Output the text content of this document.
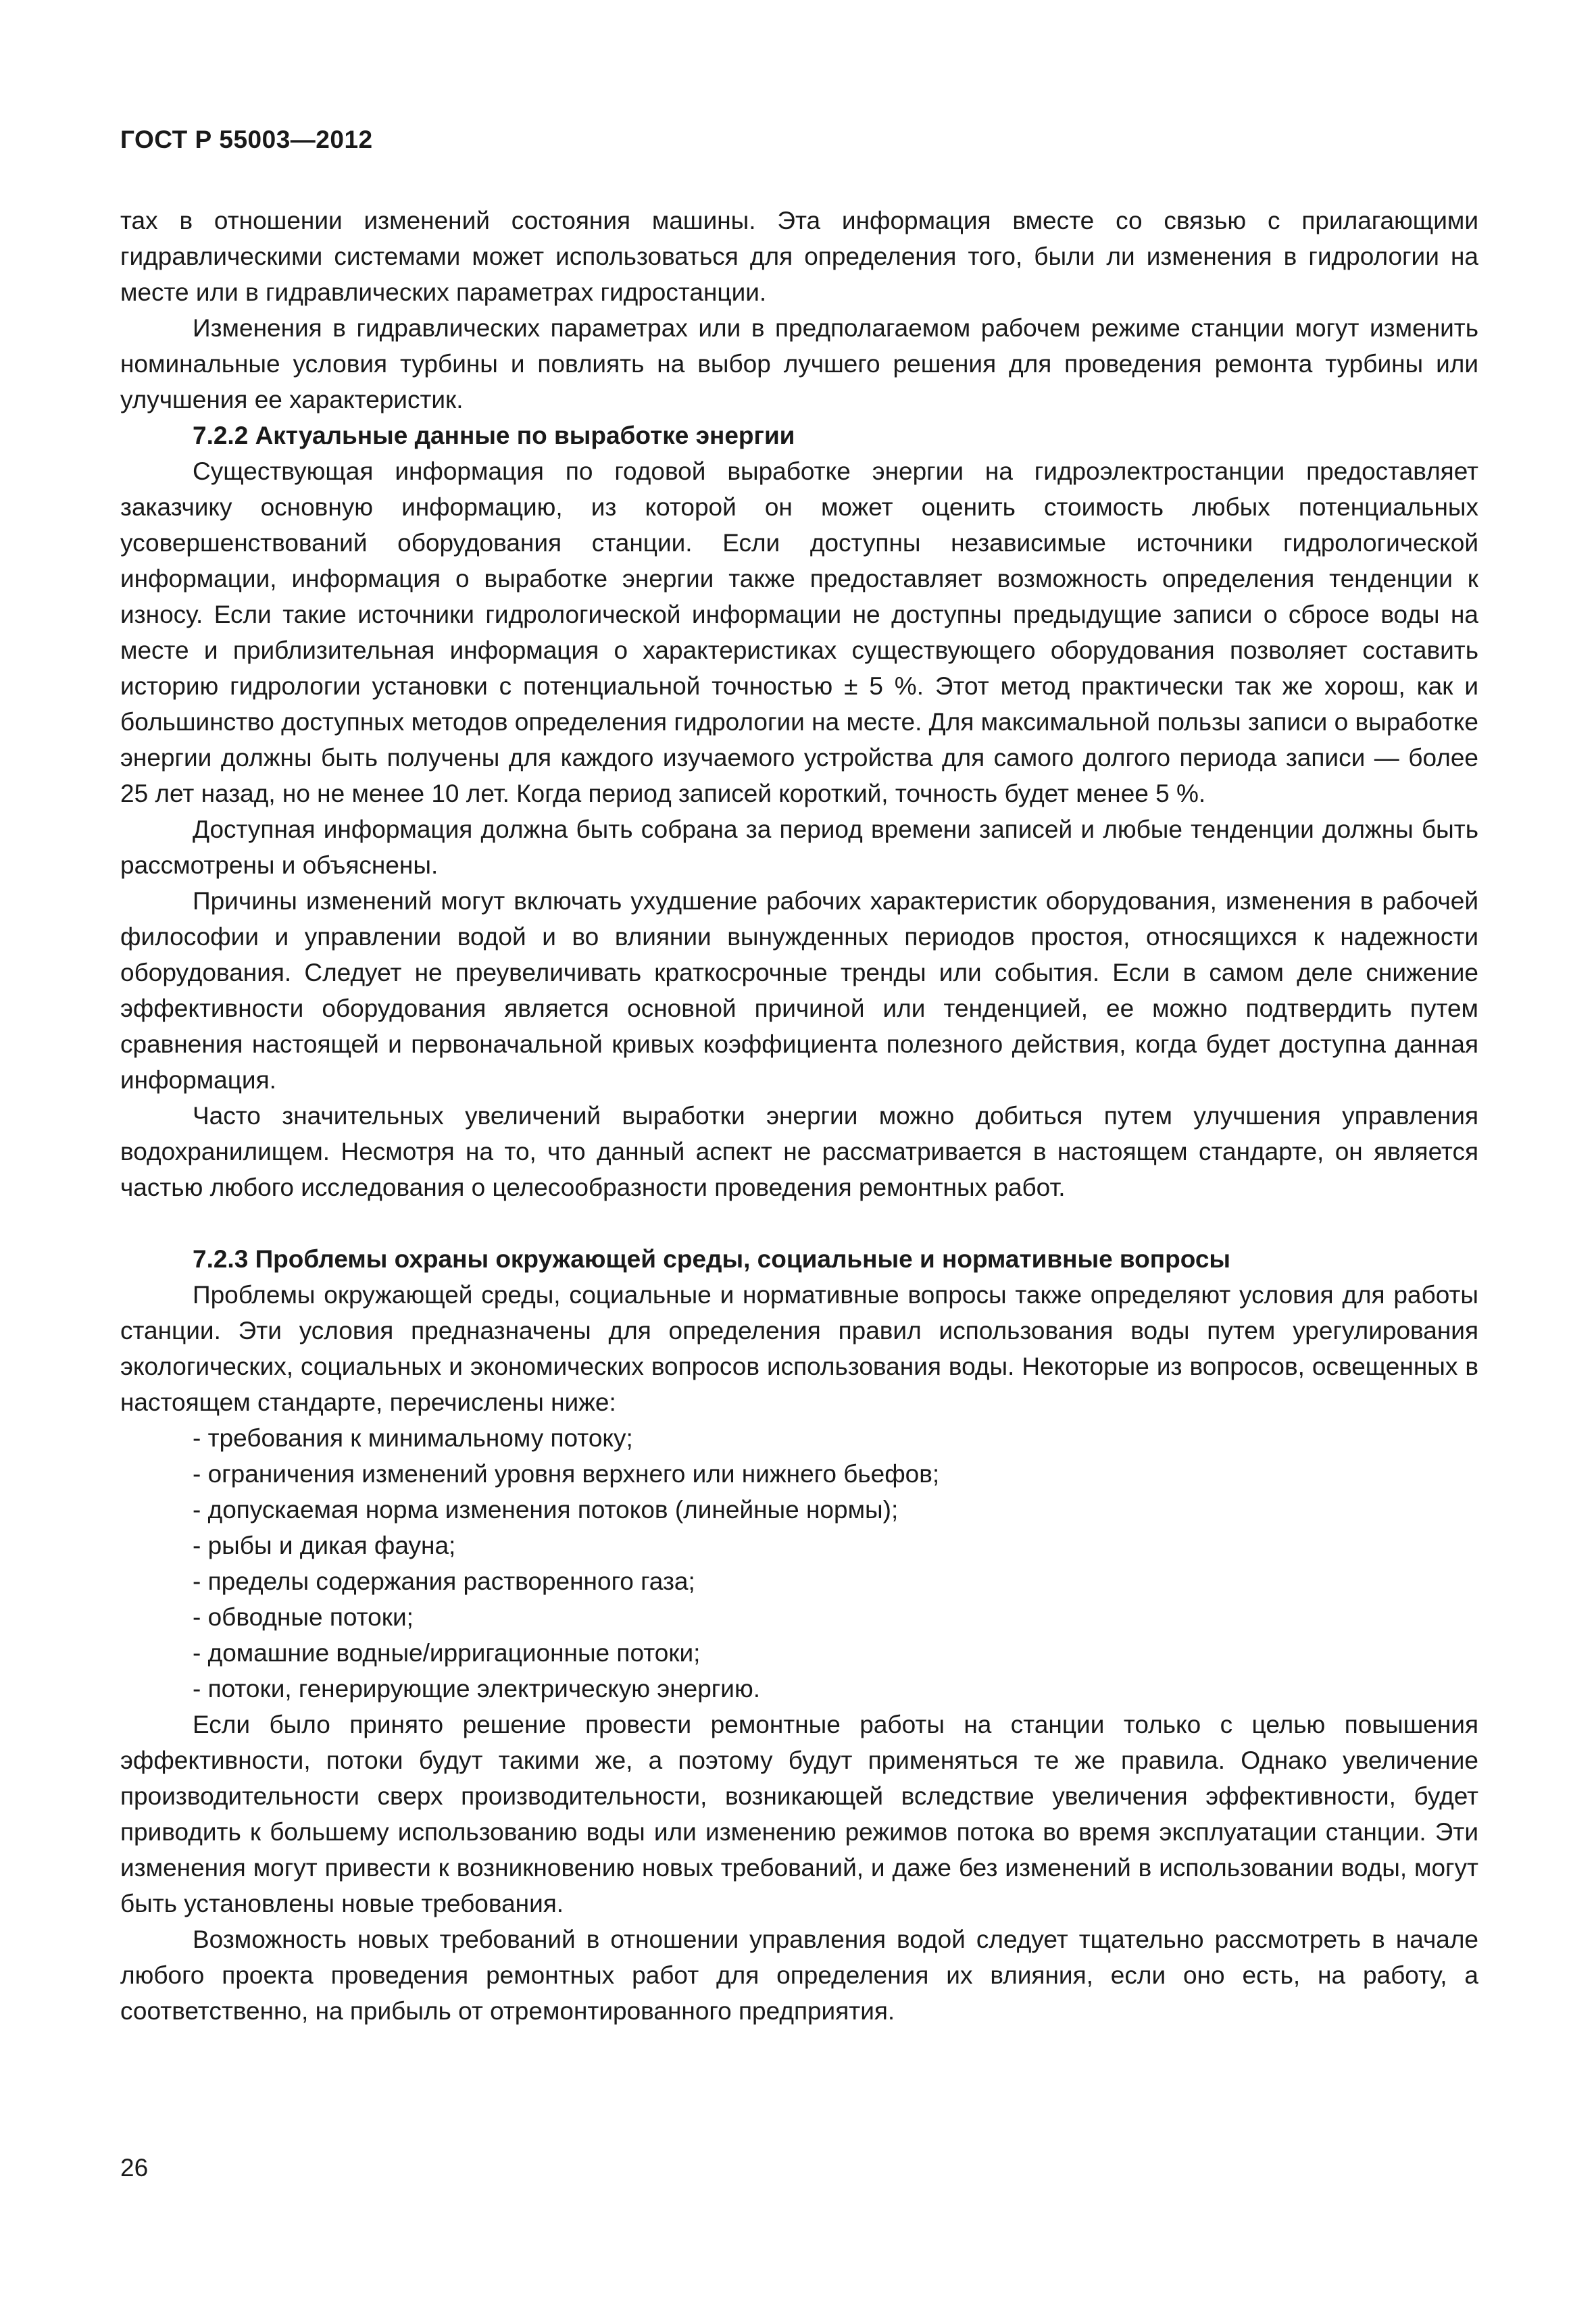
ГОСТ Р 55003—2012

тах в отношении изменений состояния машины. Эта информация вместе со связью с прилагающими гидравлическими системами может использоваться для определения того, были ли изменения в гидрологии на месте или в гидравлических параметрах гидростанции.

Изменения в гидравлических параметрах или в предполагаемом рабочем режиме станции могут изменить номинальные условия турбины и повлиять на выбор лучшего решения для проведения ремонта турбины или улучшения ее характеристик.

7.2.2 Актуальные данные по выработке энергии

Существующая информация по годовой выработке энергии на гидроэлектростанции предоставляет заказчику основную информацию, из которой он может оценить стоимость любых потенциальных усовершенствований оборудования станции. Если доступны независимые источники гидрологической информации, информация о выработке энергии также предоставляет возможность определения тенденции к износу. Если такие источники гидрологической информации не доступны предыдущие записи о сбросе воды на месте и приблизительная информация о характеристиках существующего оборудования позволяет составить историю гидрологии установки с потенциальной точностью ± 5 %. Этот метод практически так же хорош, как и большинство доступных методов определения гидрологии на месте. Для максимальной пользы записи о выработке энергии должны быть получены для каждого изучаемого устройства для самого долгого периода записи — более 25 лет назад, но не менее 10 лет. Когда период записей короткий, точность будет менее 5 %.

Доступная информация должна быть собрана за период времени записей и любые тенденции должны быть рассмотрены и объяснены.

Причины изменений могут включать ухудшение рабочих характеристик оборудования, изменения в рабочей философии и управлении водой и во влиянии вынужденных периодов простоя, относящихся к надежности оборудования. Следует не преувеличивать краткосрочные тренды или события. Если в самом деле снижение эффективности оборудования является основной причиной или тенденцией, ее можно подтвердить путем сравнения настоящей и первоначальной кривых коэффициента полезного действия, когда будет доступна данная информация.

Часто значительных увеличений выработки энергии можно добиться путем улучшения управления водохранилищем. Несмотря на то, что данный аспект не рассматривается в настоящем стандарте, он является частью любого исследования о целесообразности проведения ремонтных работ.

7.2.3 Проблемы охраны окружающей среды, социальные и нормативные вопросы

Проблемы окружающей среды, социальные и нормативные вопросы также определяют условия для работы станции. Эти условия предназначены для определения правил использования воды путем урегулирования экологических, социальных и экономических вопросов использования воды. Некоторые из вопросов, освещенных в настоящем стандарте, перечислены ниже:

- требования к минимальному потоку;
- ограничения изменений уровня верхнего или нижнего бьефов;
- допускаемая норма изменения потоков (линейные нормы);
- рыбы и дикая фауна;
- пределы содержания растворенного газа;
- обводные потоки;
- домашние водные/ирригационные потоки;
- потоки, генерирующие электрическую энергию.

Если было принято решение провести ремонтные работы на станции только с целью повышения эффективности, потоки будут такими же, а поэтому будут применяться те же правила. Однако увеличение производительности сверх производительности, возникающей вследствие увеличения эффективности, будет приводить к большему использованию воды или изменению режимов потока во время эксплуатации станции. Эти изменения могут привести к возникновению новых требований, и даже без изменений в использовании воды, могут быть установлены новые требования.

Возможность новых требований в отношении управления водой следует тщательно рассмотреть в начале любого проекта проведения ремонтных работ для определения их влияния, если оно есть, на работу, а соответственно, на прибыль от отремонтированного предприятия.

26
